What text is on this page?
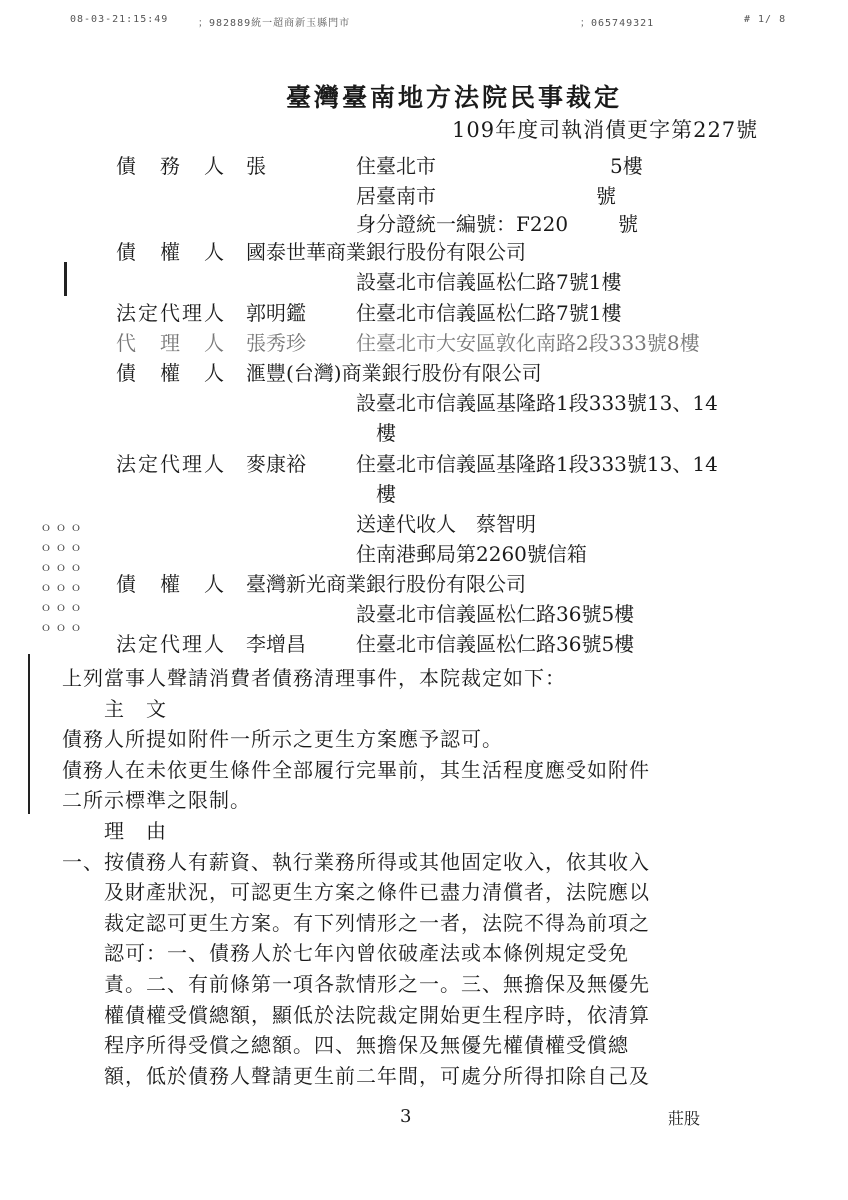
08-03-21:15:49	；982889統一超商新玉縣門市	；065749321	# 1/ 8
臺灣臺南地方法院民事裁定
109年度司執消債更字第227號
債　務　人 張	住臺北市	5樓
居臺南市	號
身分證統一編號：F220 號
債　權　人 國泰世華商業銀行股份有限公司
設臺北市信義區松仁路7號1樓
法定代理人 郭明鑑	住臺北市信義區松仁路7號1樓
代　理　人 張秀珍	住臺北市大安區敦化南路2段333號8樓
債　權　人 滙豐(台灣)商業銀行股份有限公司
設臺北市信義區基隆路1段333號13、14
　樓
法定代理人 麥康裕	住臺北市信義區基隆路1段333號13、14
　樓
送達代收人　蔡智明
住南港郵局第2260號信箱
債　權　人 臺灣新光商業銀行股份有限公司
設臺北市信義區松仁路36號5樓
法定代理人 李增昌	住臺北市信義區松仁路36號5樓
ｏｏｏ
ｏｏｏ
ｏｏｏ
ｏｏｏ
ｏｏｏ
ｏｏｏ
上列當事人聲請消費者債務清理事件，本院裁定如下：
　　主　文
債務人所提如附件一所示之更生方案應予認可。
債務人在未依更生條件全部履行完畢前，其生活程度應受如附件
二所示標準之限制。
　　理　由
一、按債務人有薪資、執行業務所得或其他固定收入，依其收入
　　及財產狀況，可認更生方案之條件已盡力清償者，法院應以
　　裁定認可更生方案。有下列情形之一者，法院不得為前項之
　　認可：一、債務人於七年內曾依破產法或本條例規定受免
　　責。二、有前條第一項各款情形之一。三、無擔保及無優先
　　權債權受償總額，顯低於法院裁定開始更生程序時，依清算
　　程序所得受償之總額。四、無擔保及無優先權債權受償總
　　額，低於債務人聲請更生前二年間，可處分所得扣除自己及
3	莊股
